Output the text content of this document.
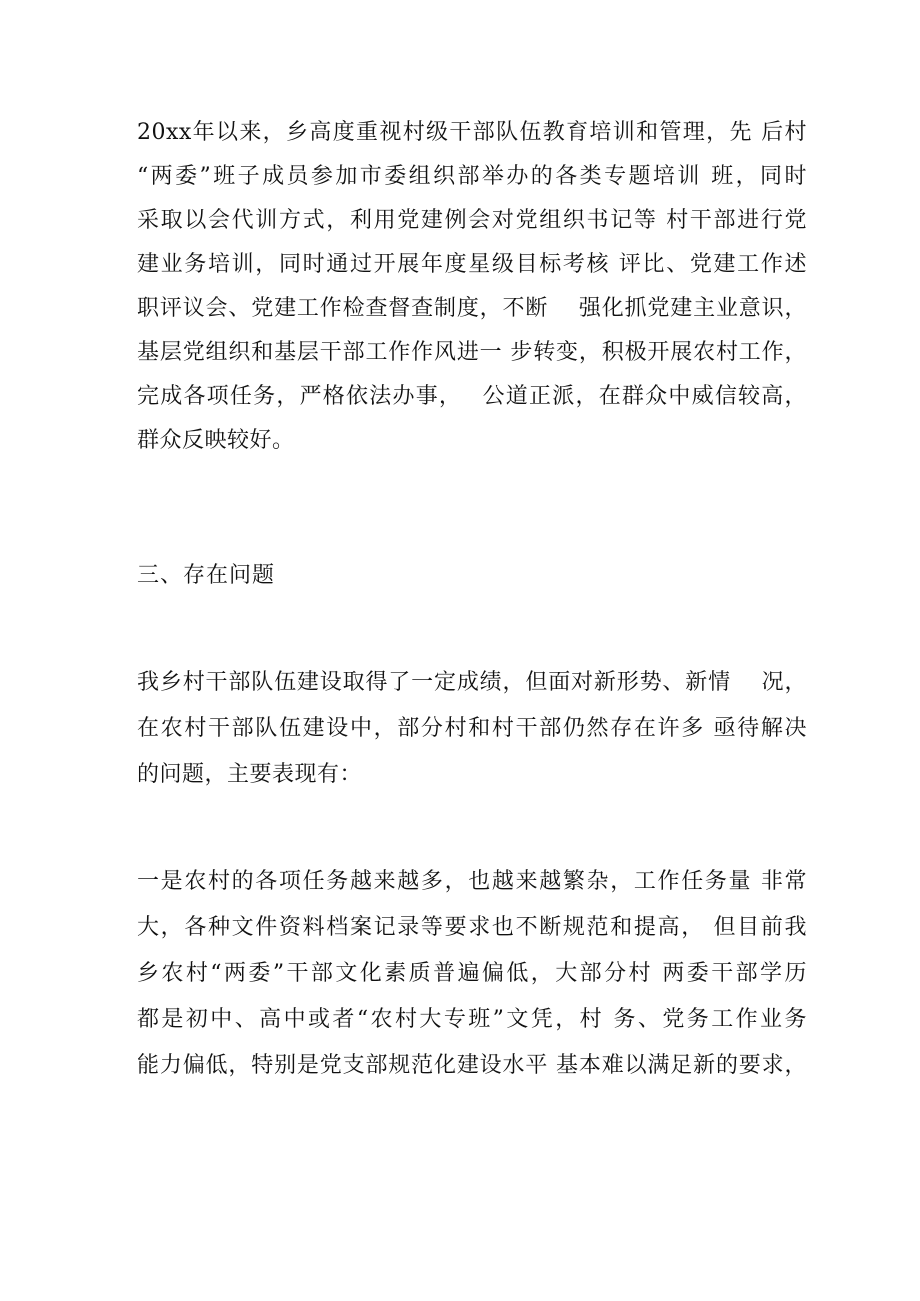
20xx年以来，乡高度重视村级干部队伍教育培训和管理，先 后村
“两委”班子成员参加市委组织部举办的各类专题培训 班，同时
采取以会代训方式，利用党建例会对党组织书记等 村干部进行党
建业务培训，同时通过开展年度星级目标考核 评比、党建工作述
职评议会、党建工作检查督查制度，不断　 强化抓党建主业意识，
基层党组织和基层干部工作作风进一 步转变，积极开展农村工作，
完成各项任务，严格依法办事，　 公道正派，在群众中威信较高，
群众反映较好。
三、存在问题
我乡村干部队伍建设取得了一定成绩，但面对新形势、新情　 况，
在农村干部队伍建设中，部分村和村干部仍然存在许多 亟待解决
的问题，主要表现有：
一是农村的各项任务越来越多，也越来越繁杂，工作任务量 非常
大，各种文件资料档案记录等要求也不断规范和提高， 但目前我
乡农村“两委”干部文化素质普遍偏低，大部分村 两委干部学历
都是初中、高中或者“农村大专班”文凭，村 务、党务工作业务
能力偏低，特别是党支部规范化建设水平 基本难以满足新的要求，
